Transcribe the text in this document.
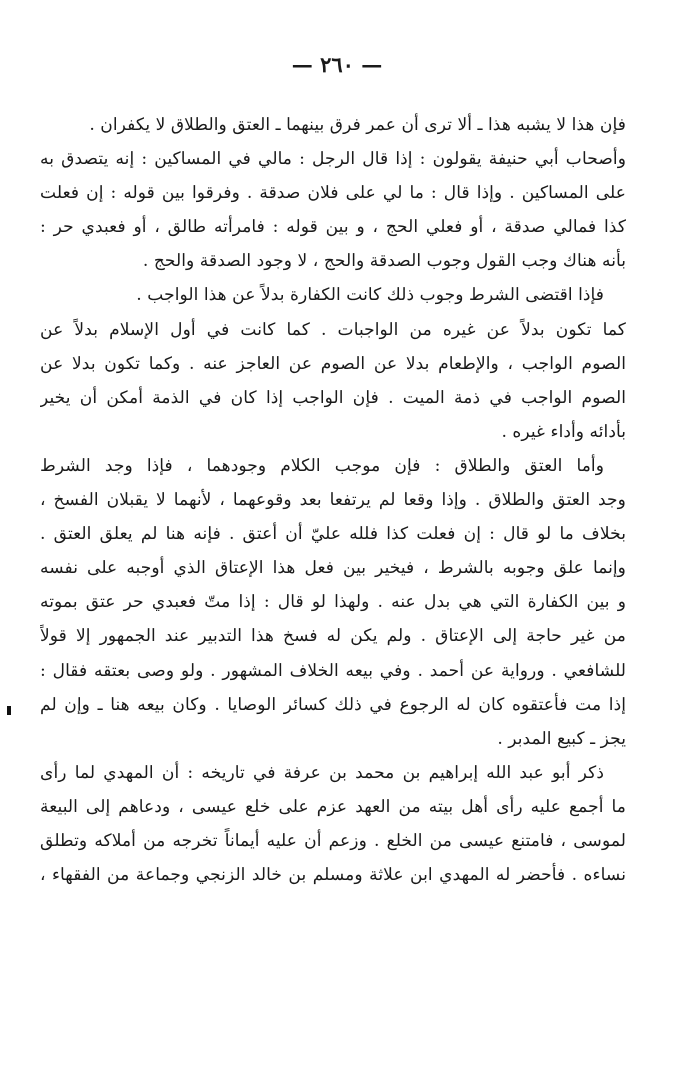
— ٢٦٠ —
فإن هذا لا يشبه هذا ـ ألا ترى أن عمر فرق بينهما ـ العتق والطلاق لا يكفران .
وأصحاب أبي حنيفة يقولون : إذا قال الرجل : مالي في المساكين : إنه يتصدق به
على المساكين . وإذا قال : ما لي على فلان صدقة . وفرقوا بين قوله : إن فعلت
كذا فمالي صدقة ، أو فعلي الحج ، و بين قوله : فامرأته طالق ، أو فعبدي حر :
بأنه هناك وجب القول وجوب الصدقة والحج ، لا وجود الصدقة والحج .
فإذا اقتضى الشرط وجوب ذلك كانت الكفارة بدلاً عن هذا الواجب .
كما تكون بدلاً عن غيره من الواجبات . كما كانت في أول الإسلام بدلاً عن
الصوم الواجب ، والإطعام بدلا عن الصوم عن العاجز عنه . وكما تكون بدلا عن
الصوم الواجب في ذمة الميت . فإن الواجب إذا كان في الذمة أمكن أن يخير
بأدائه وأداء غيره .
وأما العتق والطلاق : فإن موجب الكلام وجودهما ، فإذا وجد الشرط
وجد العتق والطلاق . وإذا وقعا لم يرتفعا بعد وقوعهما ، لأنهما لا يقبلان الفسخ ،
بخلاف ما لو قال : إن فعلت كذا فلله عليّ أن أعتق . فإنه هنا لم يعلق العتق .
وإنما علق وجوبه بالشرط ، فيخير بين فعل هذا الإعتاق الذي أوجبه على نفسه
و بين الكفارة التي هي بدل عنه . ولهذا لو قال : إذا متّ فعبدي حر عتق بموته
من غير حاجة إلى الإعتاق . ولم يكن له فسخ هذا التدبير عند الجمهور إلا قولاً
للشافعي . ورواية عن أحمد . وفي بيعه الخلاف المشهور . ولو وصى بعتقه فقال :
إذا مت فأعتقوه كان له الرجوع في ذلك كسائر الوصايا . وكان بيعه هنا ـ وإن لم
يجز ـ كبيع المدبر .
ذكر أبو عبد الله إبراهيم بن محمد بن عرفة في تاريخه : أن المهدي لما رأى
ما أجمع عليه رأى أهل بيته من العهد عزم على خلع عيسى ، ودعاهم إلى البيعة
لموسى ، فامتنع عيسى من الخلع . وزعم أن عليه أيماناً تخرجه من أملاكه وتطلق
نساءه . فأحضر له المهدي ابن علاثة ومسلم بن خالد الزنجي وجماعة من الفقهاء ،
